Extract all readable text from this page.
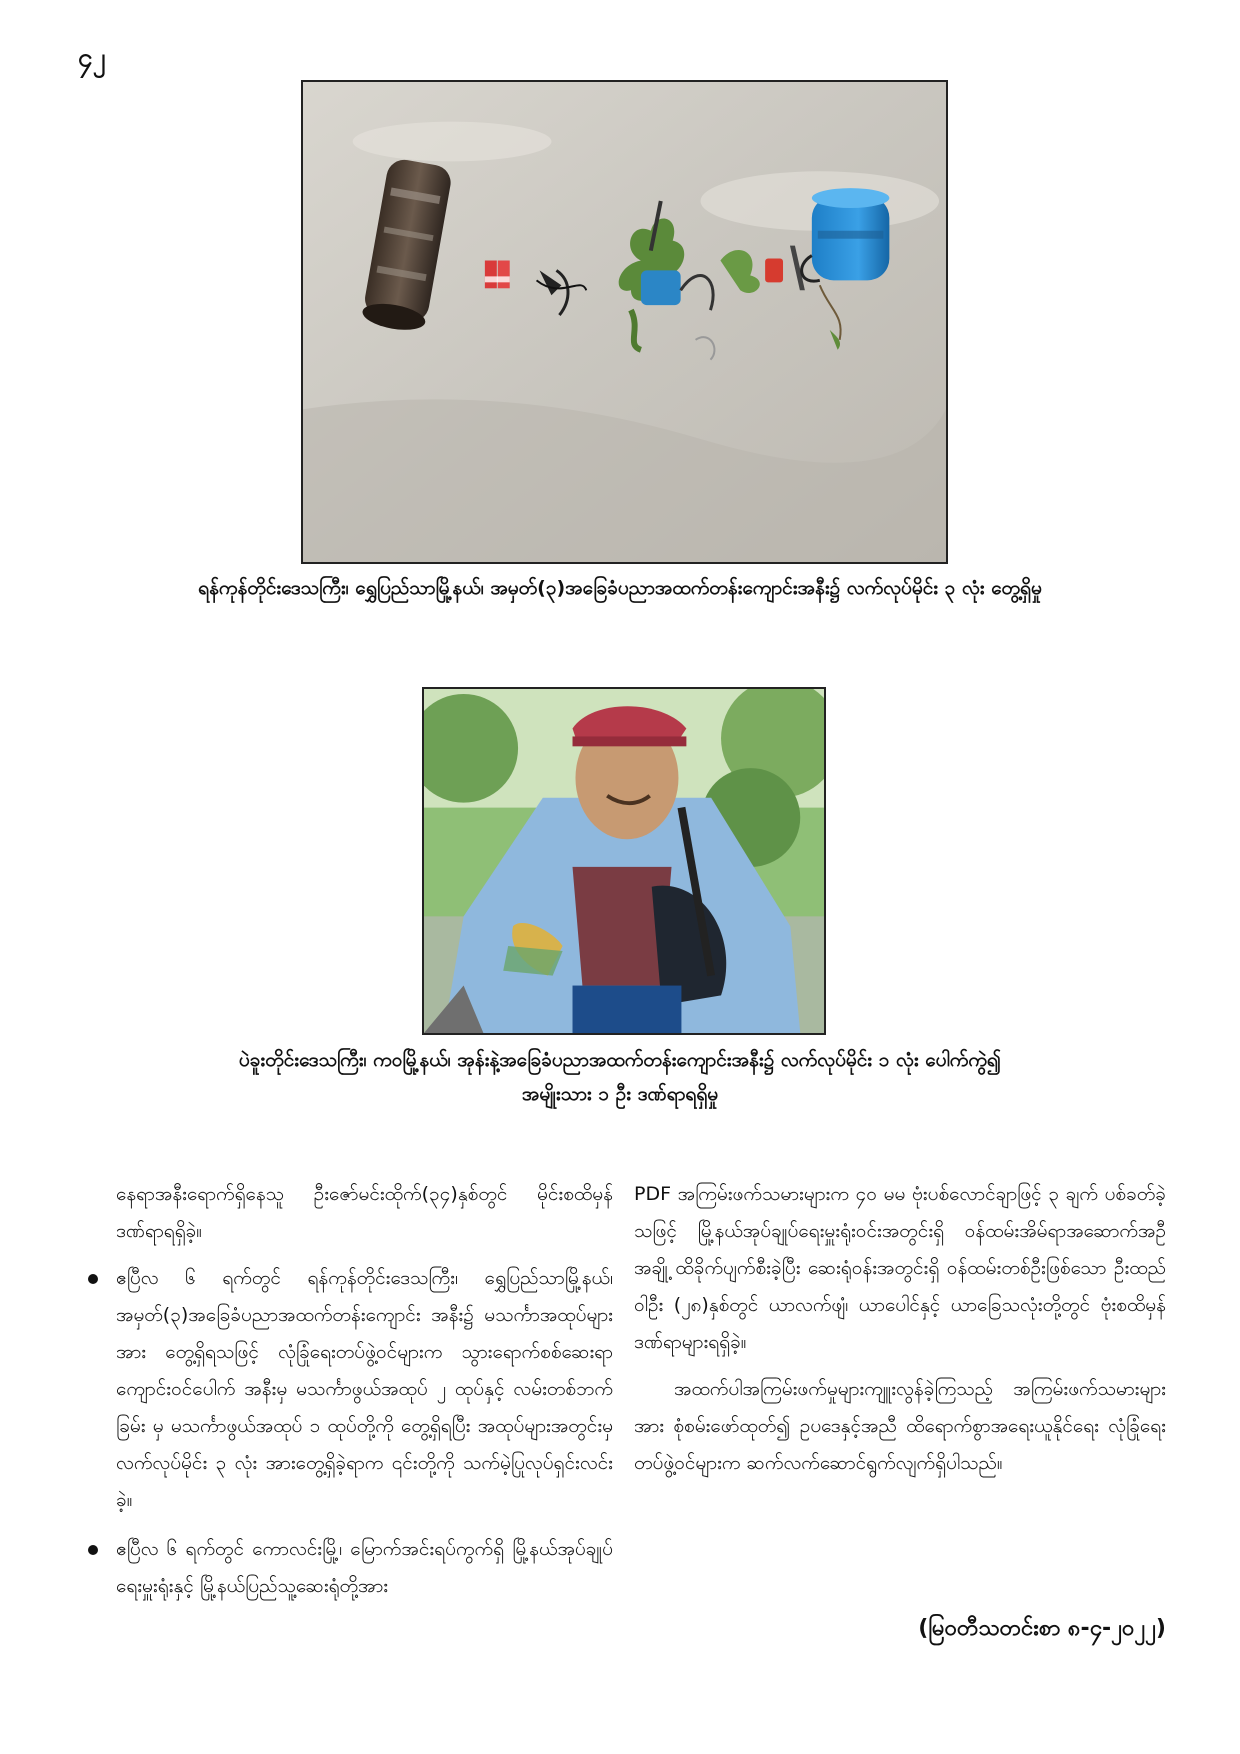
၄၂
ရန်ကုန်တိုင်းဒေသကြီး၊ ရွှေပြည်သာမြို့နယ်၊ အမှတ်(၃)အခြေခံပညာအထက်တန်းကျောင်းအနီး၌ လက်လုပ်မိုင်း ၃ လုံး တွေ့ရှိမှု
ပဲခူးတိုင်းဒေသကြီး၊ ကဝမြို့နယ်၊ အုန်းနဲ့အခြေခံပညာအထက်တန်းကျောင်းအနီး၌ လက်လုပ်မိုင်း ၁ လုံး ပေါက်ကွဲ၍
အမျိုးသား ၁ ဦး ဒဏ်ရာရရှိမှု

နေရာအနီးရောက်ရှိနေသူ ဦးဇော်မင်းထိုက်(၃၄)နှစ်တွင် မိုင်းစထိမှန်ဒဏ်ရာရရှိခဲ့။

ဧပြီလ ၆ ရက်တွင် ရန်ကုန်တိုင်းဒေသကြီး၊ ရွှေပြည်သာမြို့နယ်၊ အမှတ်(၃)အခြေခံပညာအထက်တန်းကျောင်း အနီး၌ မသင်္ကာအထုပ်များအား တွေ့ရှိရသဖြင့် လုံခြုံရေးတပ်ဖွဲ့ဝင်များက သွားရောက်စစ်ဆေးရာ ကျောင်းဝင်ပေါက် အနီးမှ မသင်္ကာဖွယ်အထုပ် ၂ ထုပ်နှင့် လမ်းတစ်ဘက်ခြမ်း မှ မသင်္ကာဖွယ်အထုပ် ၁ ထုပ်တို့ကို တွေ့ရှိရပြီး အထုပ်များအတွင်းမှ လက်လုပ်မိုင်း ၃ လုံး အားတွေ့ရှိခဲ့ရာက ၎င်းတို့ကို သက်မဲ့ပြုလုပ်ရှင်းလင်းခဲ့။
ဧပြီလ ၆ ရက်တွင် ကောလင်းမြို့၊ မြောက်အင်းရပ်ကွက်ရှိ မြို့နယ်အုပ်ချုပ်ရေးမှူးရုံးနှင့် မြို့နယ်ပြည်သူ့ဆေးရုံတို့အား

PDF အကြမ်းဖက်သမားများက ၄၀ မမ ဗုံးပစ်လောင်ချာဖြင့် ၃ ချက် ပစ်ခတ်ခဲ့သဖြင့် မြို့နယ်အုပ်ချုပ်ရေးမှူးရုံးဝင်းအတွင်းရှိ ဝန်ထမ်းအိမ်ရာအဆောက်အဦအချို့ ထိခိုက်ပျက်စီးခဲ့ပြီး ဆေးရုံဝန်းအတွင်းရှိ ဝန်ထမ်းတစ်ဦးဖြစ်သော ဦးထည်ဝါဦး (၂၈)နှစ်တွင် ယာလက်ဖျံ၊ ယာပေါင်နှင့် ယာခြေသလုံးတို့တွင် ဗုံးစထိမှန်ဒဏ်ရာများရရှိခဲ့။

အထက်ပါအကြမ်းဖက်မှုများကျူးလွန်ခဲ့ကြသည့် အကြမ်းဖက်သမားများအား စုံစမ်းဖော်ထုတ်၍ ဥပဒေနှင့်အညီ ထိရောက်စွာအရေးယူနိုင်ရေး လုံခြုံရေးတပ်ဖွဲ့ဝင်များက ဆက်လက်ဆောင်ရွက်လျက်ရှိပါသည်။

(မြဝတီသတင်းစာ ၈-၄-၂၀၂၂)
